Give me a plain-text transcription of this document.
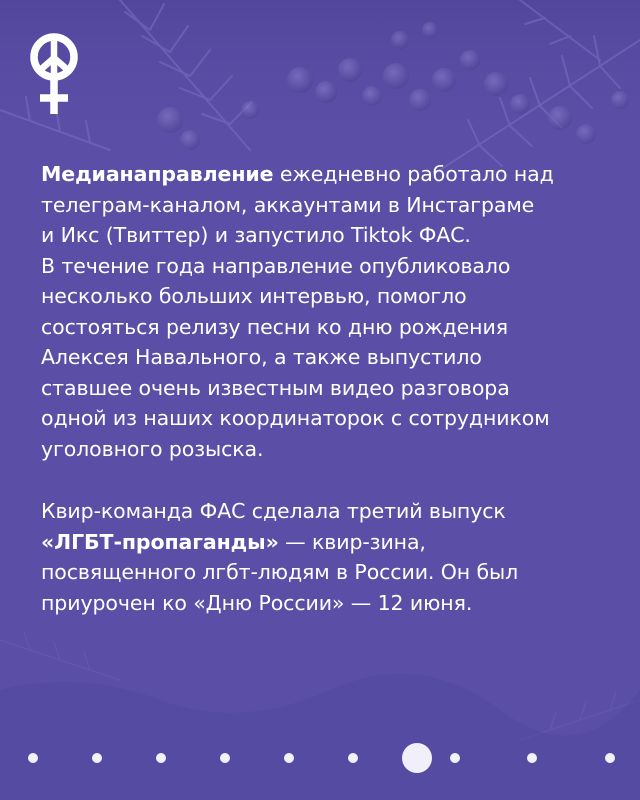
Медианаправление ежедневно работало над
телеграм-каналом, аккаунтами в Инстаграме
и Икс (Твиттер) и запустило Tiktok ФАС.
В течение года направление опубликовало
несколько больших интервью, помогло
состояться релизу песни ко дню рождения
Алексея Навального, а также выпустило
ставшее очень известным видео разговора
одной из наших координаторок с сотрудником
уголовного розыска.

Квир-команда ФАС сделала третий выпуск
«ЛГБТ-пропаганды» — квир-зина,
посвященного лгбт-людям в России. Он был
приурочен ко «Дню России» — 12 июня.
